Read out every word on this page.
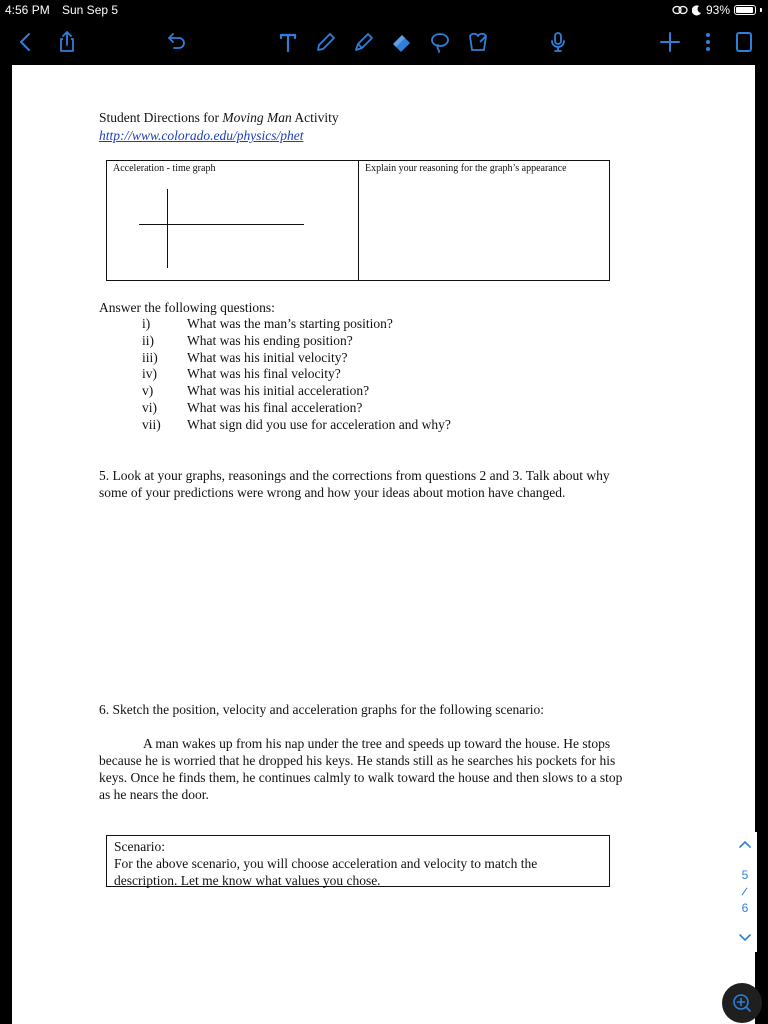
4:56 PM Sun Sep 5	93%
Student Directions for Moving Man Activity
http://www.colorado.edu/physics/phet
Acceleration - time graph	Explain your reasoning for the graph’s appearance
Answer the following questions:
i)	What was the man’s starting position?
ii)	What was his ending position?
iii)	What was his initial velocity?
iv)	What was his final velocity?
v)	What was his initial acceleration?
vi)	What was his final acceleration?
vii)	What sign did you use for acceleration and why?
5. Look at your graphs, reasonings and the corrections from questions 2 and 3. Talk about why
some of your predictions were wrong and how your ideas about motion have changed.
6. Sketch the position, velocity and acceleration graphs for the following scenario:
A man wakes up from his nap under the tree and speeds up toward the house. He stops
because he is worried that he dropped his keys. He stands still as he searches his pockets for his
keys. Once he finds them, he continues calmly to walk toward the house and then slows to a stop
as he nears the door.
Scenario:
For the above scenario, you will choose acceleration and velocity to match the
description. Let me know what values you chose.	5
6
